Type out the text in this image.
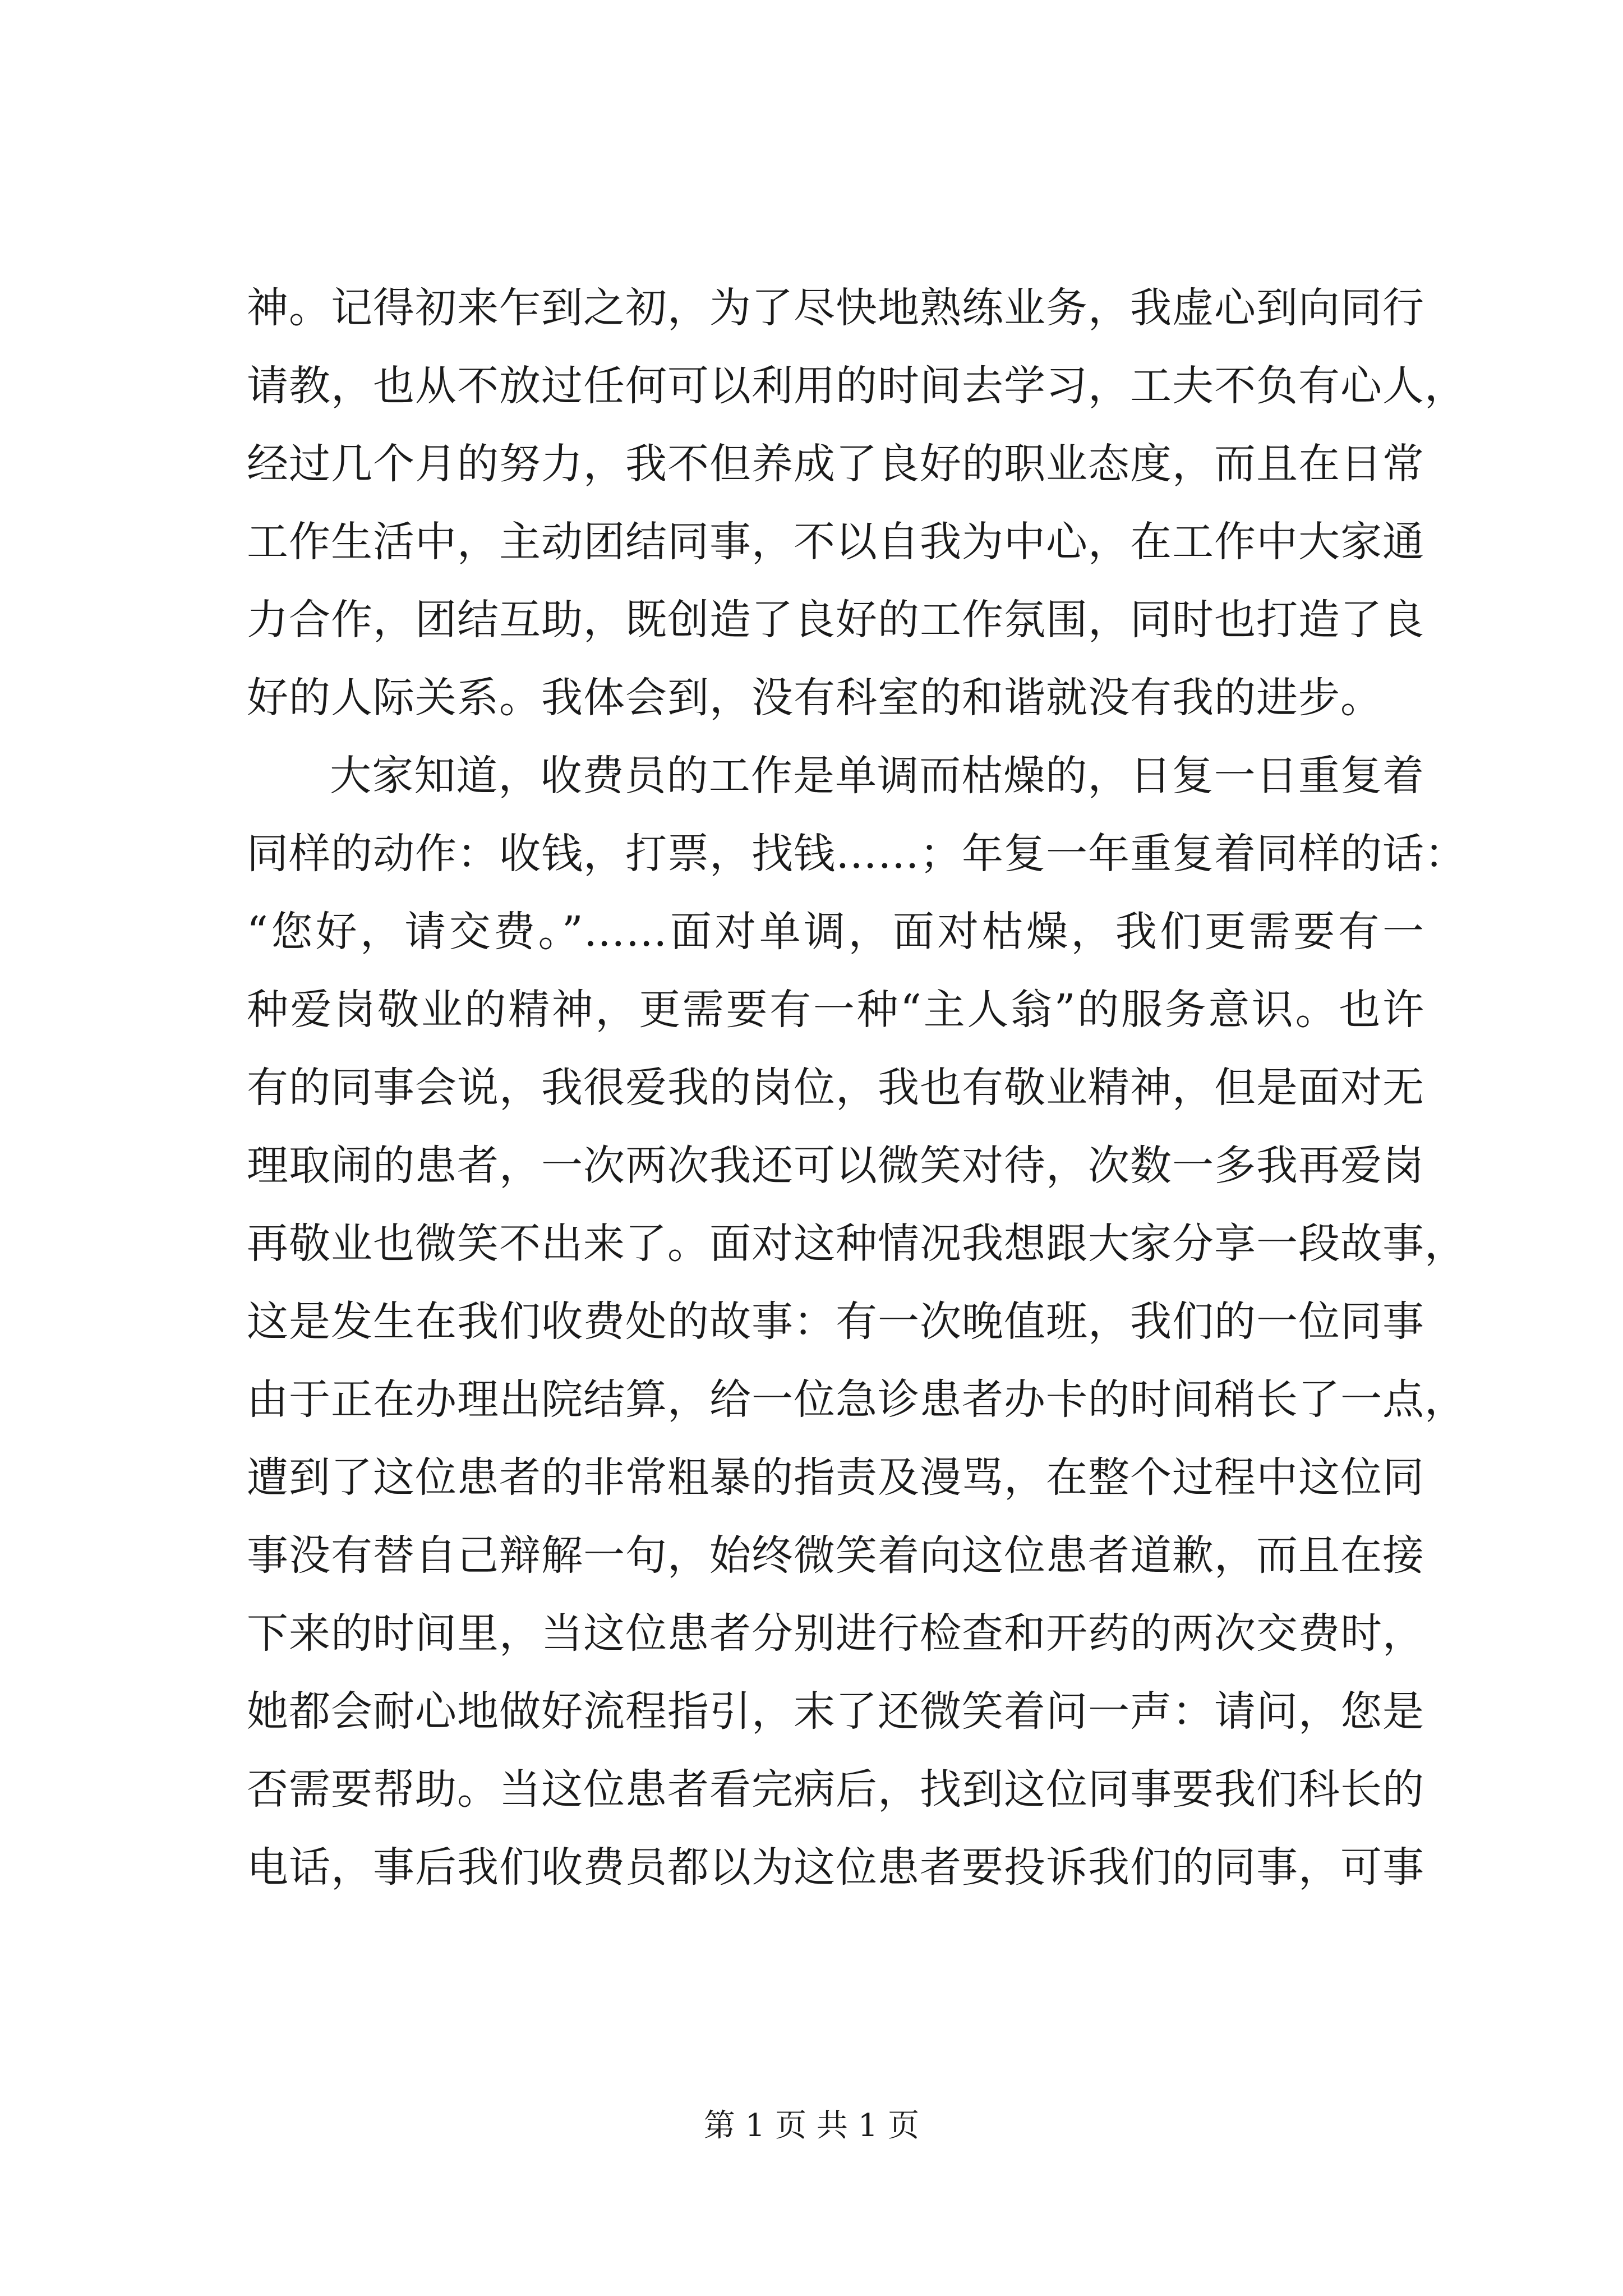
神。记得初来乍到之初，为了尽快地熟练业务，我虚心到向同行
请教，也从不放过任何可以利用的时间去学习，工夫不负有心人，
经过几个月的努力，我不但养成了良好的职业态度，而且在日常
工作生活中，主动团结同事，不以自我为中心，在工作中大家通
力合作，团结互助，既创造了良好的工作氛围，同时也打造了良
好的人际关系。我体会到，没有科室的和谐就没有我的进步。
大家知道，收费员的工作是单调而枯燥的，日复一日重复着
同样的动作：收钱，打票，找钱……；年复一年重复着同样的话：
“您好，请交费。”……面对单调，面对枯燥，我们更需要有一
种爱岗敬业的精神，更需要有一种“主人翁”的服务意识。也许
有的同事会说，我很爱我的岗位，我也有敬业精神，但是面对无
理取闹的患者，一次两次我还可以微笑对待，次数一多我再爱岗
再敬业也微笑不出来了。面对这种情况我想跟大家分享一段故事，
这是发生在我们收费处的故事：有一次晚值班，我们的一位同事
由于正在办理出院结算，给一位急诊患者办卡的时间稍长了一点，
遭到了这位患者的非常粗暴的指责及漫骂，在整个过程中这位同
事没有替自己辩解一句，始终微笑着向这位患者道歉，而且在接
下来的时间里，当这位患者分别进行检查和开药的两次交费时，
她都会耐心地做好流程指引，末了还微笑着问一声：请问，您是
否需要帮助。当这位患者看完病后，找到这位同事要我们科长的
电话，事后我们收费员都以为这位患者要投诉我们的同事，可事
第 1 页 共 1 页
